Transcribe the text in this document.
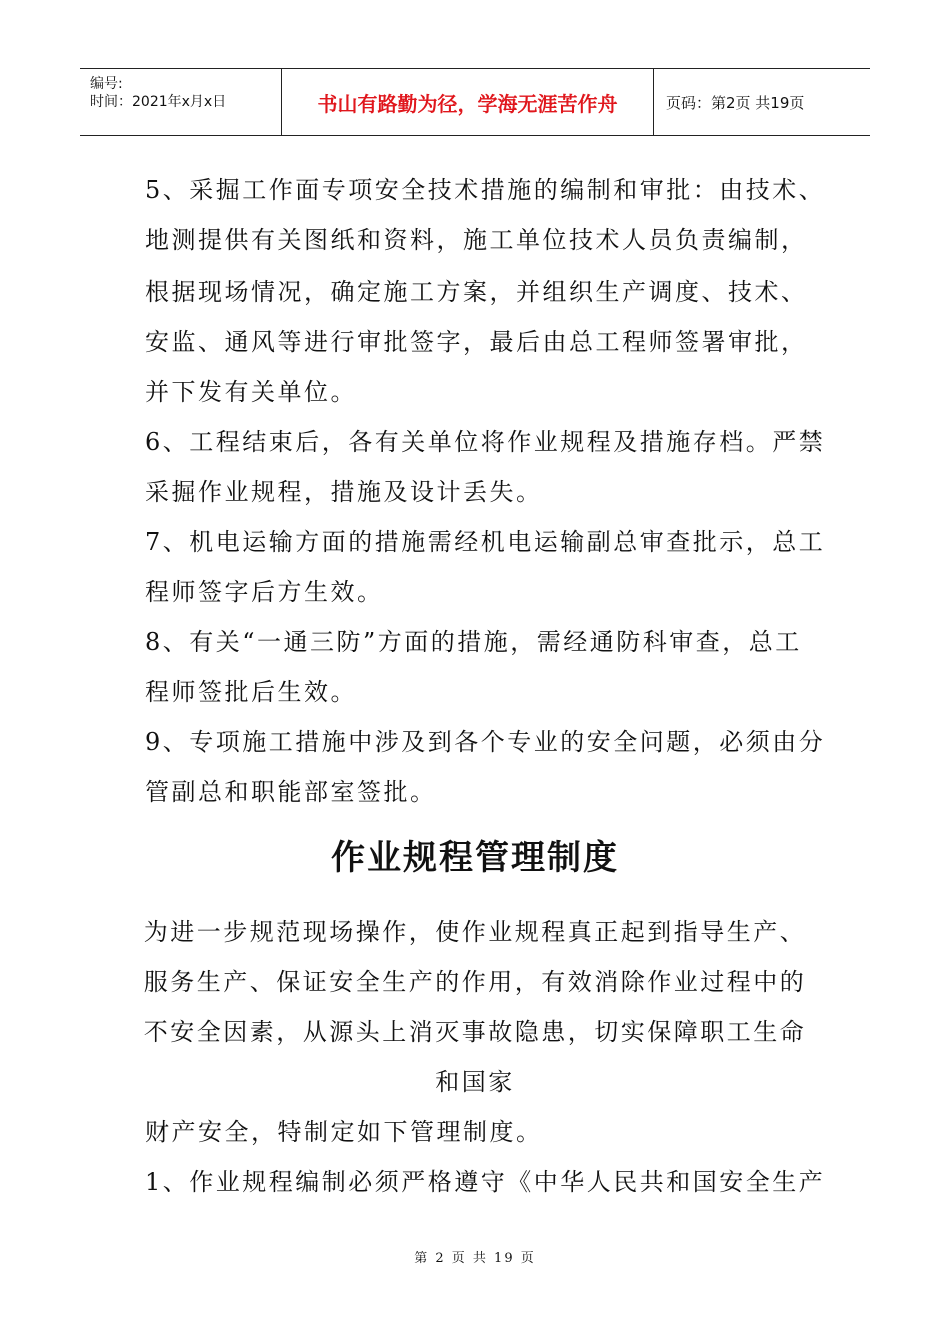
编号:
时间：2021年x月x日	书山有路勤为径，学海无涯苦作舟	页码：第2页 共19页
5、采掘工作面专项安全技术措施的编制和审批：由技术、
地测提供有关图纸和资料，施工单位技术人员负责编制，
根据现场情况，确定施工方案，并组织生产调度、技术、
安监、通风等进行审批签字，最后由总工程师签署审批，
并下发有关单位。
6、工程结束后，各有关单位将作业规程及措施存档。严禁
采掘作业规程，措施及设计丢失。
7、机电运输方面的措施需经机电运输副总审查批示，总工
程师签字后方生效。
8、有关“一通三防”方面的措施，需经通防科审查，总工
程师签批后生效。
9、专项施工措施中涉及到各个专业的安全问题，必须由分
管副总和职能部室签批。
作业规程管理制度
为进一步规范现场操作，使作业规程真正起到指导生产、
服务生产、保证安全生产的作用，有效消除作业过程中的
不安全因素，从源头上消灭事故隐患，切实保障职工生命
和国家
财产安全，特制定如下管理制度。
1、作业规程编制必须严格遵守《中华人民共和国安全生产
第 2 页 共 19 页
